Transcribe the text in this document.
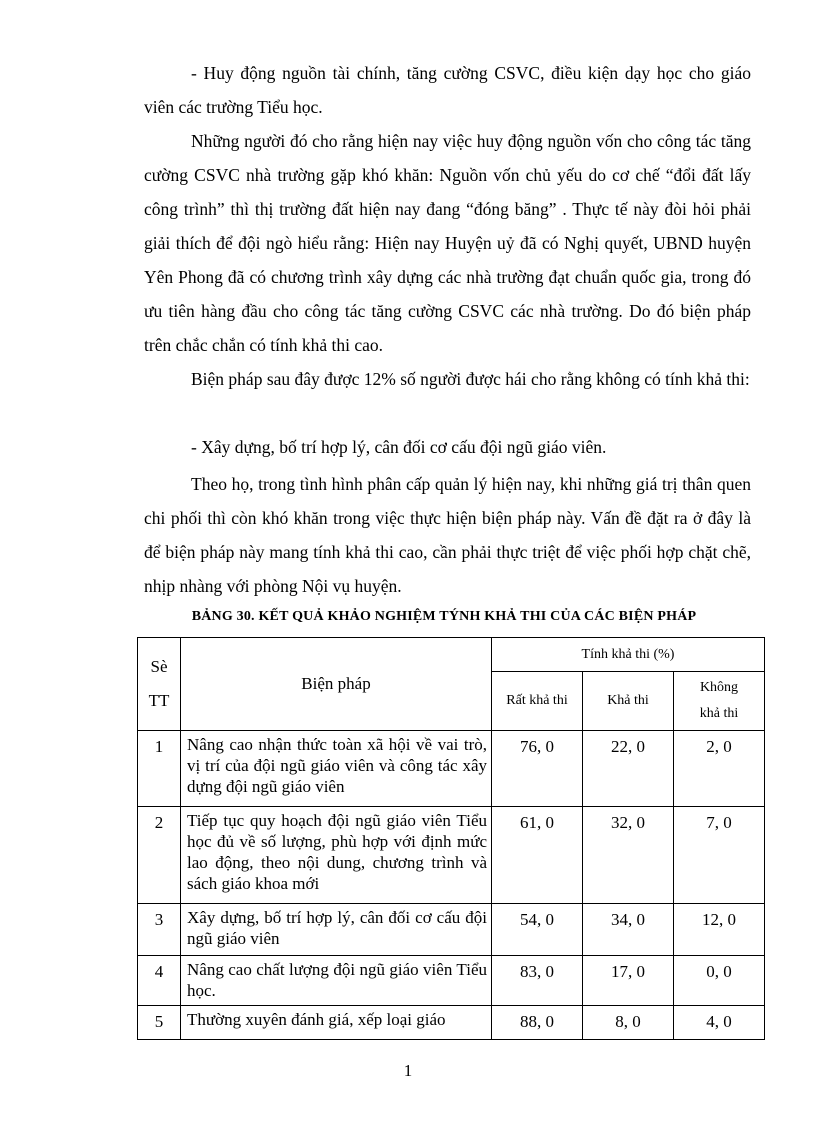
- Huy động nguồn tài chính, tăng cường CSVC, điều kiện dạy học cho giáo viên các trường Tiểu học.

Những người đó cho rằng hiện nay việc huy động nguồn vốn cho công tác tăng cường CSVC nhà trường gặp khó khăn: Nguồn vốn chủ yếu do cơ chế “đổi đất lấy công trình” thì thị trường đất hiện nay đang “đóng băng” . Thực tế này đòi hỏi phải giải thích để đội ngò hiểu rằng: Hiện nay Huyện uỷ đã có Nghị quyết, UBND huyện Yên Phong đã có chương trình xây dựng các nhà trường đạt chuẩn quốc gia, trong đó ưu tiên hàng đầu cho công tác tăng cường CSVC các nhà trường. Do đó biện pháp trên chắc chắn có tính khả thi cao.

Biện pháp sau đây được 12% số người được hái cho rằng không có tính khả thi:

- Xây dựng, bố trí hợp lý, cân đối cơ cấu đội ngũ giáo viên.

Theo họ, trong tình hình phân cấp quản lý hiện nay, khi những giá trị thân quen chi phối thì còn khó khăn trong việc thực hiện biện pháp này. Vấn đề đặt ra ở đây là để biện pháp này mang tính khả thi cao, cần phải thực triệt để việc phối hợp chặt chẽ, nhịp nhàng với phòng Nội vụ huyện.

BẢNG 30. KẾT QUẢ KHẢO NGHIỆM TÝNH KHẢ THI CỦA CÁC BIỆN PHÁP
Sè
TT	Biện pháp	Tính khả thi (%)		
		Rất khả thi	Khả thi	Không
khả thi
1	Nâng cao nhận thức toàn xã hội về vai trò, vị trí của đội ngũ giáo viên và công tác xây dựng đội ngũ giáo viên	76, 0	22, 0	2, 0
2	Tiếp tục quy hoạch đội ngũ giáo viên Tiểu học đủ về số lượng, phù hợp với định mức lao động, theo nội dung, chương trình và sách giáo khoa mới	61, 0	32, 0	7, 0
3	Xây dựng, bố trí hợp lý, cân đối cơ cấu đội ngũ giáo viên	54, 0	34, 0	12, 0
4	Nâng cao chất lượng đội ngũ giáo viên Tiểu học.	83, 0	17, 0	0, 0
5	Thường xuyên đánh giá, xếp loại giáo	88, 0	8, 0	4, 0
1
